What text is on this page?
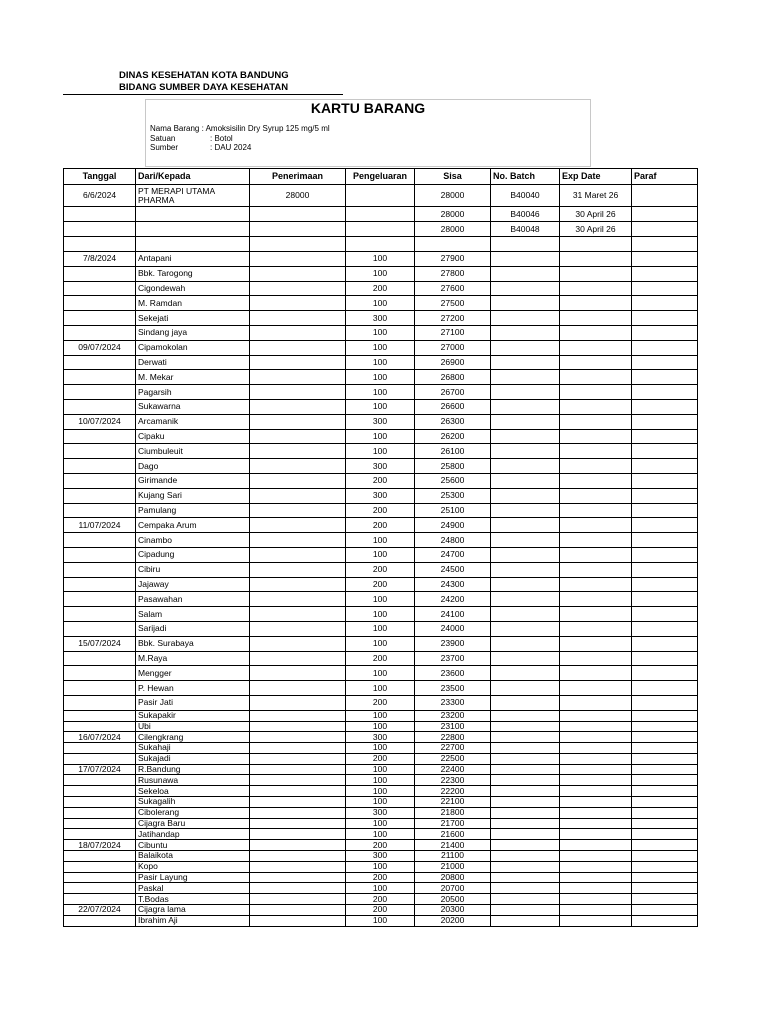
DINAS KESEHATAN KOTA BANDUNG
BIDANG SUMBER DAYA KESEHATAN
KARTU BARANG
Nama Barang : Amoksisilin Dry Syrup 125 mg/5 ml
Satuan	: Botol
Sumber	: DAU 2024
Tanggal	Dari/Kepada	Penerimaan	Pengeluaran	Sisa	No. Batch	Exp Date	Paraf
6/6/2024	PT MERAPI UTAMA PHARMA	28000		28000	B40040	31 Maret 26	
				28000	B40046	30 April 26	
				28000	B40048	30 April 26	

7/8/2024	Antapani		100	27900			
	Bbk. Tarogong		100	27800			
	Cigondewah		200	27600			
	M. Ramdan		100	27500			
	Sekejati		300	27200			
	Sindang jaya		100	27100			
09/07/2024	Cipamokolan		100	27000			
	Derwati		100	26900			
	M. Mekar		100	26800			
	Pagarsih		100	26700			
	Sukawarna		100	26600			
10/07/2024	Arcamanik		300	26300			
	Cipaku		100	26200			
	Ciumbuleuit		100	26100			
	Dago		300	25800			
	Girimande		200	25600			
	Kujang Sari		300	25300			
	Pamulang		200	25100			
11/07/2024	Cempaka Arum		200	24900			
	Cinambo		100	24800			
	Cipadung		100	24700			
	Cibiru		200	24500			
	Jajaway		200	24300			
	Pasawahan		100	24200			
	Salam		100	24100			
	Sarijadi		100	24000			
15/07/2024	Bbk. Surabaya		100	23900			
	M.Raya		200	23700			
	Mengger		100	23600			
	P. Hewan		100	23500			
	Pasir Jati		200	23300			
	Sukapakir		100	23200			
	Ubi		100	23100			
16/07/2024	Cilengkrang		300	22800			
	Sukahaji		100	22700			
	Sukajadi		200	22500			
17/07/2024	R.Bandung		100	22400			
	Rusunawa		100	22300			
	Sekeloa		100	22200			
	Sukagalih		100	22100			
	Cibolerang		300	21800			
	Cijagra Baru		100	21700			
	Jatihandap		100	21600			
18/07/2024	Cibuntu		200	21400			
	Balaikota		300	21100			
	Kopo		100	21000			
	Pasir Layung		200	20800			
	Paskal		100	20700			
	T.Bodas		200	20500			
22/07/2024	Cijagra lama		200	20300			
	Ibrahim Aji		100	20200			
